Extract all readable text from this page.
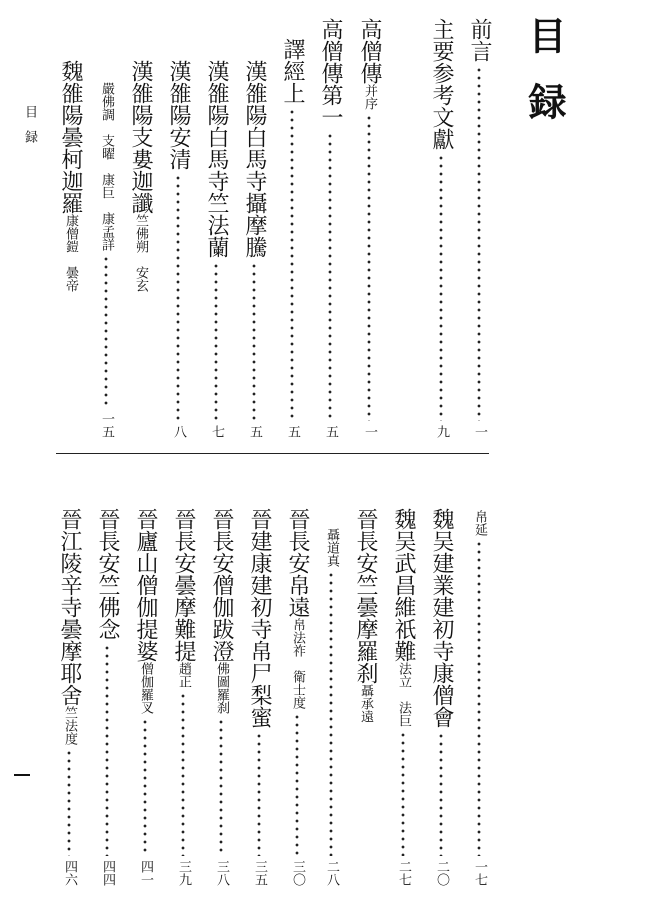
目録
目録
前言
一
主要参考文獻
九
高僧傳并序
一
高僧傳第一
五
譯經上
五
漢雒陽白馬寺攝摩騰
五
漢雒陽白馬寺竺法蘭
七
漢雒陽安清
八
漢雒陽支婁迦讖竺佛朔　安玄
嚴佛調　支曜　康巨　康孟詳
一五
魏雒陽曇柯迦羅康僧鎧　曇帝
帛延
一七
魏吴建業建初寺康僧會
二〇
魏吴武昌維祇難法立　法巨
二七
晉長安竺曇摩羅刹聶承遠
聶道真
二八
晉長安帛遠帛法祚　衛士度
三〇
晉建康建初寺帛尸梨蜜
三五
晉長安僧伽跋澄佛圖羅刹
三八
晉長安曇摩難提趙正
三九
晉廬山僧伽提婆僧伽羅叉
四一
晉長安竺佛念
四四
晉江陵辛寺曇摩耶舍竺法度
四六
